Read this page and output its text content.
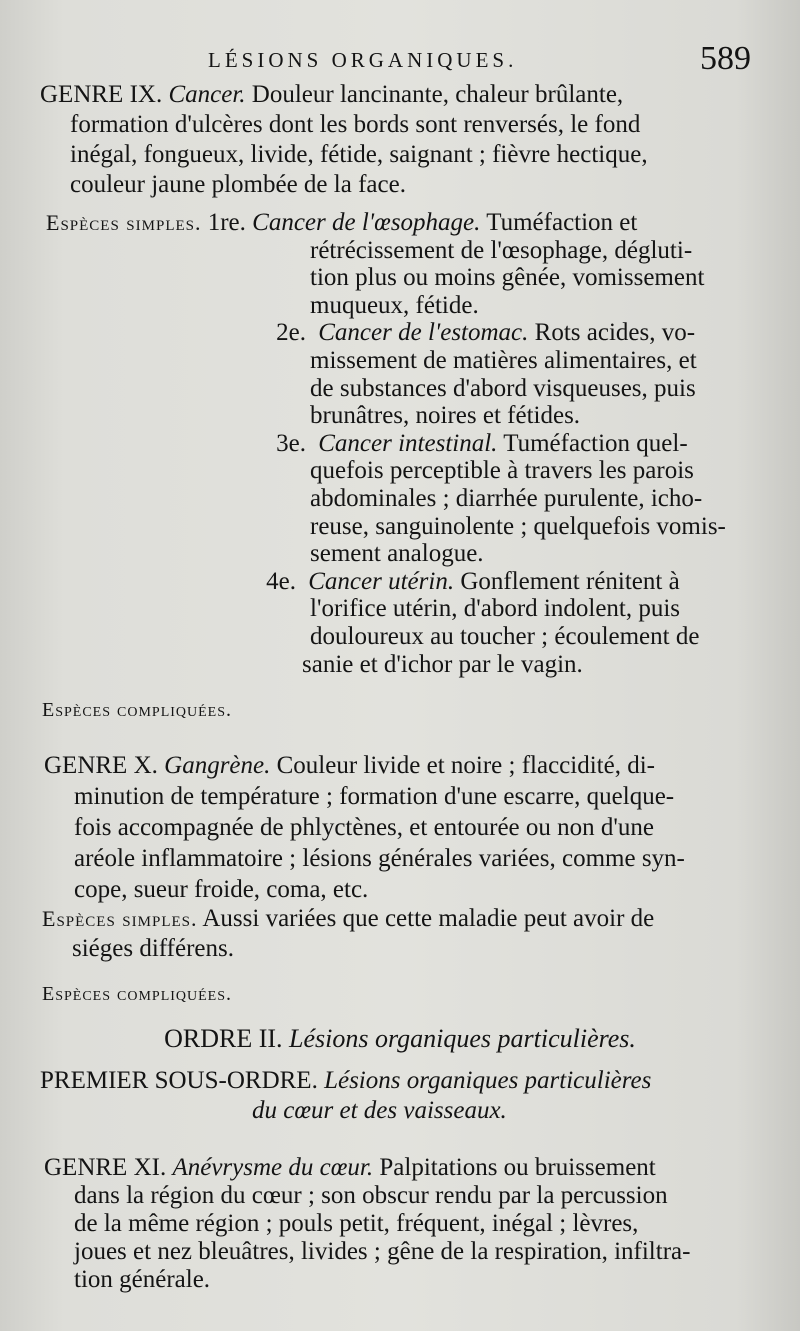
LÉSIONS ORGANIQUES.	589
GENRE IX. Cancer. Douleur lancinante, chaleur brûlante,
formation d'ulcères dont les bords sont renversés, le fond
inégal, fongueux, livide, fétide, saignant ; fièvre hectique,
couleur jaune plombée de la face.
Espèces simples. 1re. Cancer de l'œsophage. Tuméfaction et
rétrécissement de l'œsophage, dégluti-
tion plus ou moins gênée, vomissement
muqueux, fétide.
2e. Cancer de l'estomac. Rots acides, vo-
missement de matières alimentaires, et
de substances d'abord visqueuses, puis
brunâtres, noires et fétides.
3e. Cancer intestinal. Tuméfaction quel-
quefois perceptible à travers les parois
abdominales ; diarrhée purulente, icho-
reuse, sanguinolente ; quelquefois vomis-
sement analogue.
4e. Cancer utérin. Gonflement rénitent à
l'orifice utérin, d'abord indolent, puis
douloureux au toucher ; écoulement de
sanie et d'ichor par le vagin.
Espèces compliquées.
GENRE X. Gangrène. Couleur livide et noire ; flaccidité, di-
minution de température ; formation d'une escarre, quelque-
fois accompagnée de phlyctènes, et entourée ou non d'une
aréole inflammatoire ; lésions générales variées, comme syn-
cope, sueur froide, coma, etc.
Espèces simples. Aussi variées que cette maladie peut avoir de
siéges différens.
Espèces compliquées.
ORDRE II. Lésions organiques particulières.
PREMIER SOUS-ORDRE. Lésions organiques particulières
du cœur et des vaisseaux.
GENRE XI. Anévrysme du cœur. Palpitations ou bruissement
dans la région du cœur ; son obscur rendu par la percussion
de la même région ; pouls petit, fréquent, inégal ; lèvres,
joues et nez bleuâtres, livides ; gêne de la respiration, infiltra-
tion générale.
